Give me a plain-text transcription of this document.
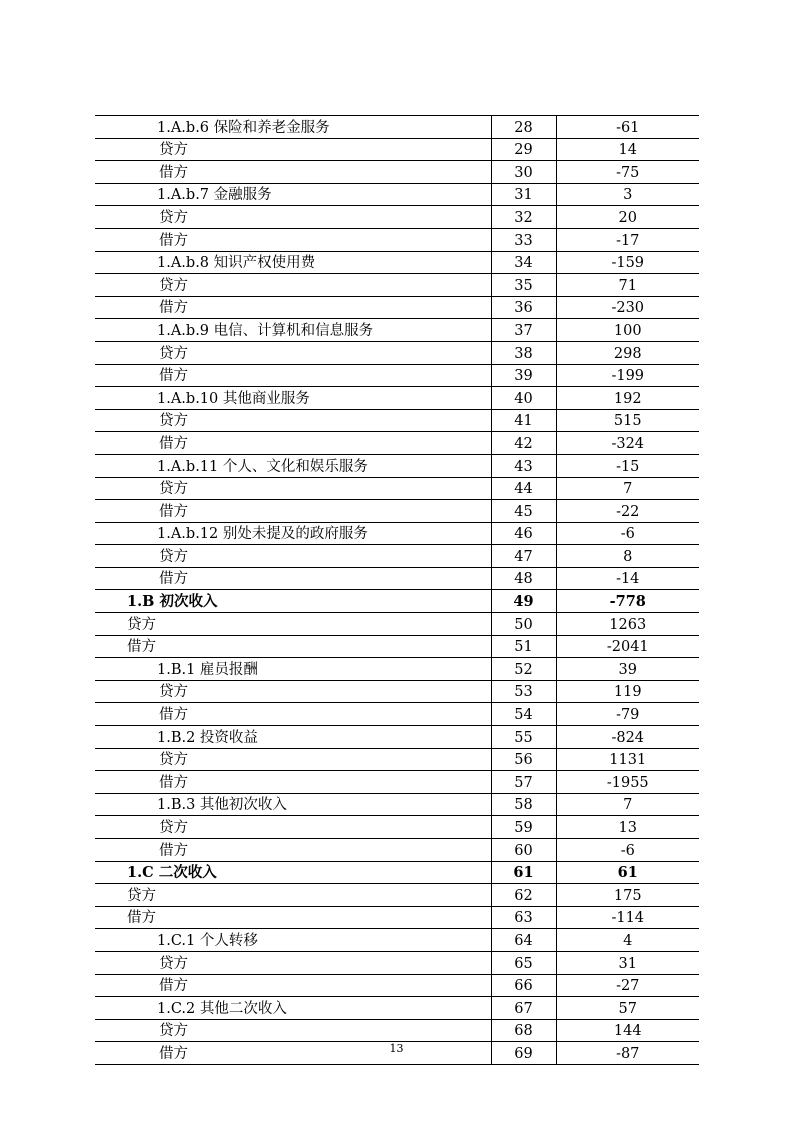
1.A.b.6 保险和养老金服务	28	-61
贷方	29	14
借方	30	-75
1.A.b.7 金融服务	31	3
贷方	32	20
借方	33	-17
1.A.b.8 知识产权使用费	34	-159
贷方	35	71
借方	36	-230
1.A.b.9 电信、计算机和信息服务	37	100
贷方	38	298
借方	39	-199
1.A.b.10 其他商业服务	40	192
贷方	41	515
借方	42	-324
1.A.b.11 个人、文化和娱乐服务	43	-15
贷方	44	7
借方	45	-22
1.A.b.12 别处未提及的政府服务	46	-6
贷方	47	8
借方	48	-14
1.B 初次收入	49	-778
贷方	50	1263
借方	51	-2041
1.B.1 雇员报酬	52	39
贷方	53	119
借方	54	-79
1.B.2 投资收益	55	-824
贷方	56	1131
借方	57	-1955
1.B.3 其他初次收入	58	7
贷方	59	13
借方	60	-6
1.C 二次收入	61	61
贷方	62	175
借方	63	-114
1.C.1 个人转移	64	4
贷方	65	31
借方	66	-27
1.C.2 其他二次收入	67	57
贷方	68	144
借方	69	-87
13
